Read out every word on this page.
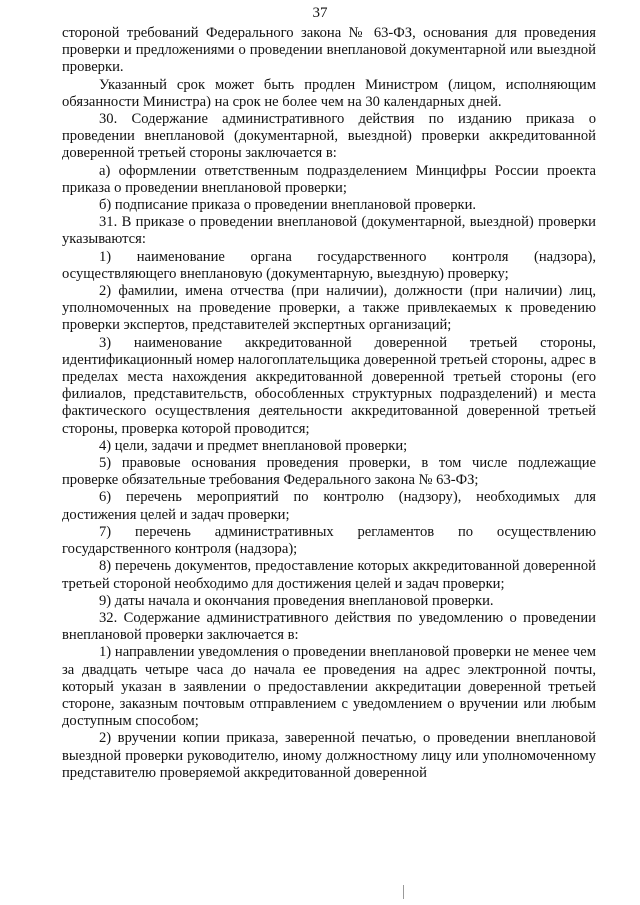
37

стороной требований Федерального закона № 63-ФЗ, основания для проведения проверки и предложениями о проведении внеплановой документарной или выездной проверки.

Указанный срок может быть продлен Министром (лицом, исполняющим обязанности Министра) на срок не более чем на 30 календарных дней.

30. Содержание административного действия по изданию приказа о проведении внеплановой (документарной, выездной) проверки аккредитованной доверенной третьей стороны заключается в:

а) оформлении ответственным подразделением Минцифры России проекта приказа о проведении внеплановой проверки;

б) подписание приказа о проведении внеплановой проверки.

31. В приказе о проведении внеплановой (документарной, выездной) проверки указываются:

1) наименование органа государственного контроля (надзора), осуществляющего внеплановую (документарную, выездную) проверку;

2) фамилии, имена отчества (при наличии), должности (при наличии) лиц, уполномоченных на проведение проверки, а также привлекаемых к проведению проверки экспертов, представителей экспертных организаций;

3) наименование аккредитованной доверенной третьей стороны, идентификационный номер налогоплательщика доверенной третьей стороны, адрес в пределах места нахождения аккредитованной доверенной третьей стороны (его филиалов, представительств, обособленных структурных подразделений) и места фактического осуществления деятельности аккредитованной доверенной третьей стороны, проверка которой проводится;

4) цели, задачи и предмет внеплановой проверки;

5) правовые основания проведения проверки, в том числе подлежащие проверке обязательные требования Федерального закона № 63-ФЗ;

6) перечень мероприятий по контролю (надзору), необходимых для достижения целей и задач проверки;

7) перечень административных регламентов по осуществлению государственного контроля (надзора);

8) перечень документов, предоставление которых аккредитованной доверенной третьей стороной необходимо для достижения целей и задач проверки;

9) даты начала и окончания проведения внеплановой проверки.

32. Содержание административного действия по уведомлению о проведении внеплановой проверки заключается в:

1) направлении уведомления о проведении внеплановой проверки не менее чем за двадцать четыре часа до начала ее проведения на адрес электронной почты, который указан в заявлении о предоставлении аккредитации доверенной третьей стороне, заказным почтовым отправлением с уведомлением о вручении или любым доступным способом;

2) вручении копии приказа, заверенной печатью, о проведении внеплановой выездной проверки руководителю, иному должностному лицу или уполномоченному представителю проверяемой аккредитованной доверенной
